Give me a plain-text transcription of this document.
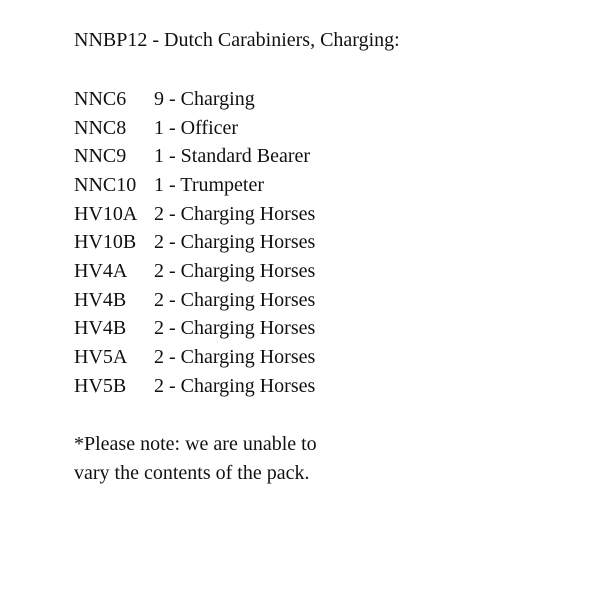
NNBP12 - Dutch Carabiniers, Charging:
NNC6	9 - Charging
NNC8	1 - Officer
NNC9	1 - Standard Bearer
NNC10 1 - Trumpeter
HV10A 2 - Charging Horses
HV10B 2 - Charging Horses
HV4A	2 - Charging Horses
HV4B	2 - Charging Horses
HV4B	2 - Charging Horses
HV5A	2 - Charging Horses
HV5B	2 - Charging Horses
*Please note: we are unable to
vary the contents of the pack.
